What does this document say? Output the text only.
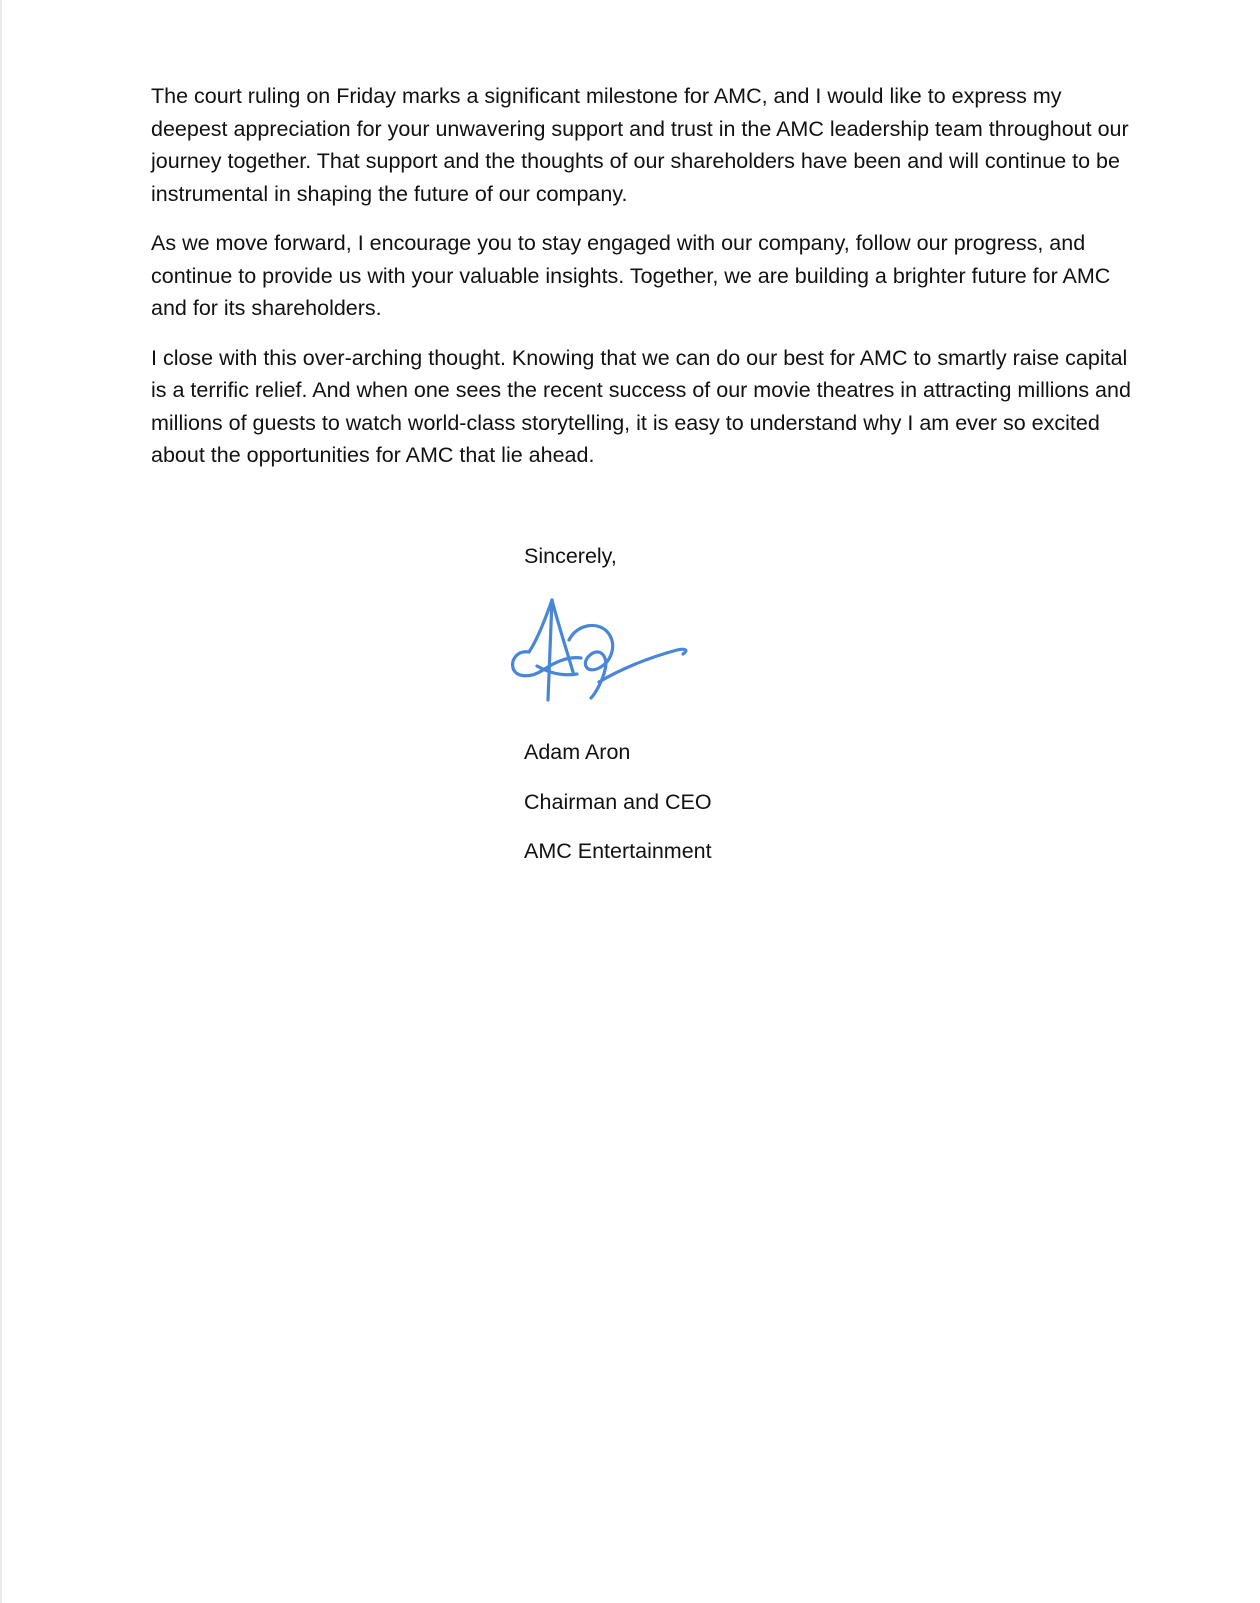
The court ruling on Friday marks a significant milestone for AMC, and I would like to express my deepest appreciation for your unwavering support and trust in the AMC leadership team throughout our journey together. That support and the thoughts of our shareholders have been and will continue to be instrumental in shaping the future of our company.

As we move forward, I encourage you to stay engaged with our company, follow our progress, and continue to provide us with your valuable insights. Together, we are building a brighter future for AMC and for its shareholders.

I close with this over-arching thought. Knowing that we can do our best for AMC to smartly raise capital is a terrific relief. And when one sees the recent success of our movie theatres in attracting millions and millions of guests to watch world-class storytelling, it is easy to understand why I am ever so excited about the opportunities for AMC that lie ahead.

Sincerely,
Adam Aron
Chairman and CEO
AMC Entertainment
